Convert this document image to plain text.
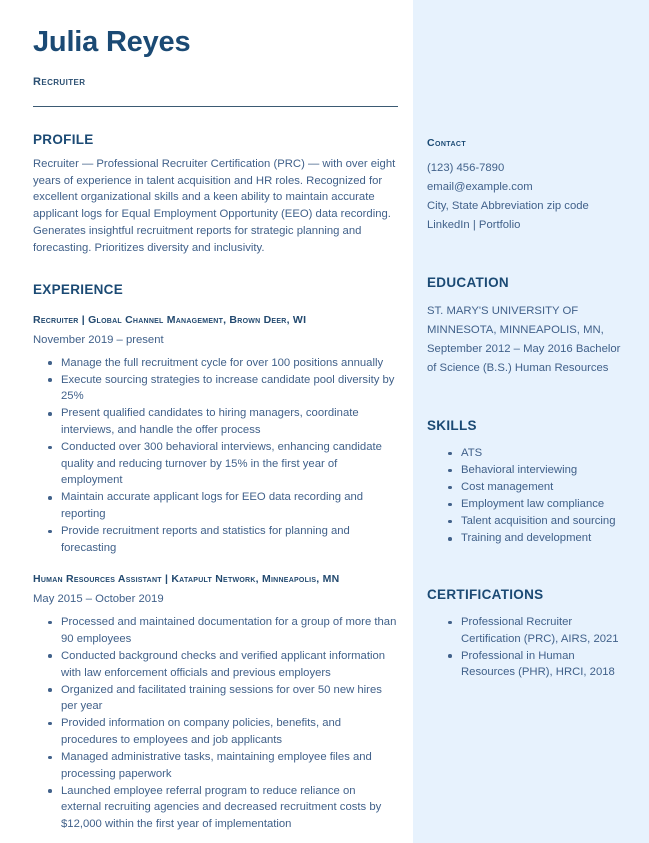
Julia Reyes
Recruiter
PROFILE
Recruiter — Professional Recruiter Certification (PRC) — with over eight years of experience in talent acquisition and HR roles. Recognized for excellent organizational skills and a keen ability to maintain accurate applicant logs for Equal Employment Opportunity (EEO) data recording. Generates insightful recruitment reports for strategic planning and forecasting. Prioritizes diversity and inclusivity.
EXPERIENCE
Recruiter | Global Channel Management, Brown Deer, WI
November 2019 – present
Manage the full recruitment cycle for over 100 positions annually
Execute sourcing strategies to increase candidate pool diversity by 25%
Present qualified candidates to hiring managers, coordinate interviews, and handle the offer process
Conducted over 300 behavioral interviews, enhancing candidate quality and reducing turnover by 15% in the first year of employment
Maintain accurate applicant logs for EEO data recording and reporting
Provide recruitment reports and statistics for planning and forecasting
Human Resources Assistant | Katapult Network, Minneapolis, MN
May 2015 – October 2019
Processed and maintained documentation for a group of more than 90 employees
Conducted background checks and verified applicant information with law enforcement officials and previous employers
Organized and facilitated training sessions for over 50 new hires per year
Provided information on company policies, benefits, and procedures to employees and job applicants
Managed administrative tasks, maintaining employee files and processing paperwork
Launched employee referral program to reduce reliance on external recruiting agencies and decreased recruitment costs by $12,000 within the first year of implementation
Contact
(123) 456-7890
email@example.com
City, State Abbreviation zip code
LinkedIn | Portfolio
EDUCATION
ST. MARY'S UNIVERSITY OF MINNESOTA, MINNEAPOLIS, MN, September 2012 – May 2016 Bachelor of Science (B.S.) Human Resources
SKILLS
ATS
Behavioral interviewing
Cost management
Employment law compliance
Talent acquisition and sourcing
Training and development
CERTIFICATIONS
Professional Recruiter Certification (PRC), AIRS, 2021
Professional in Human Resources (PHR), HRCI, 2018
